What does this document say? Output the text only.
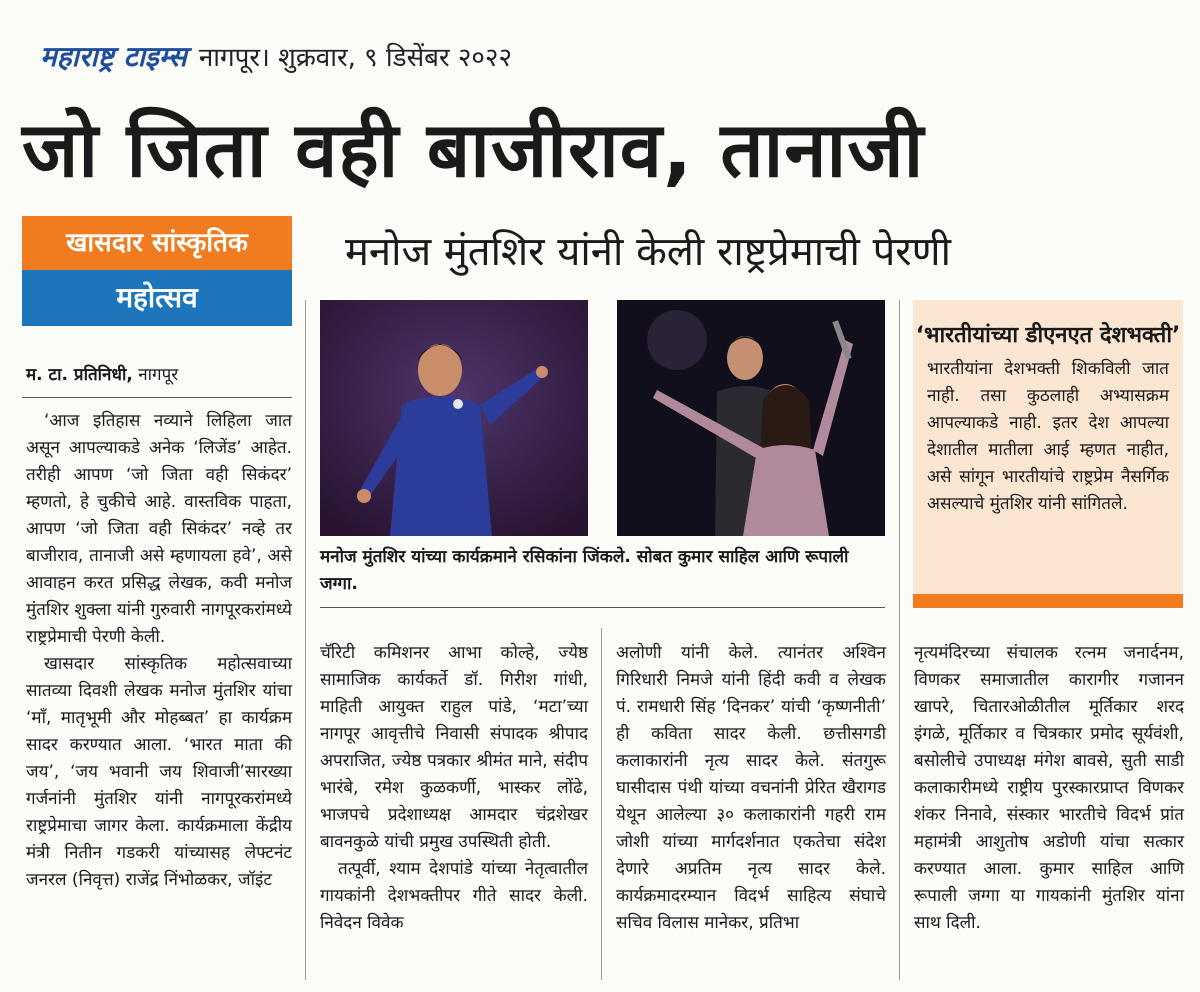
महाराष्ट्र टाइम्स नागपूर। शुक्रवार, ९ डिसेंबर २०२२
जो जिता वही बाजीराव, तानाजी
खासदार सांस्कृतिक
महोत्सव
मनोज मुंतशिर यांनी केली राष्ट्रप्रेमाची पेरणी
म. टा. प्रतिनिधी, नागपूर

‘आज इतिहास नव्याने लिहिला जात असून आपल्याकडे अनेक ‘लिजेंड’ आहेत. तरीही आपण ‘जो जिता वही सिकंदर’ म्हणतो, हे चुकीचे आहे. वास्तविक पाहता, आपण ‘जो जिता वही सिकंदर’ नव्हे तर बाजीराव, तानाजी असे म्हणायला हवे’, असे आवाहन करत प्रसिद्ध लेखक, कवी मनोज मुंतशिर शुक्ला यांनी गुरुवारी नागपूरकरांमध्ये राष्ट्रप्रेमाची पेरणी केली.

खासदार सांस्कृतिक महोत्सवाच्या सातव्या दिवशी लेखक मनोज मुंतशिर यांचा ‘माँ, मातृभूमी और मोहब्बत’ हा कार्यक्रम सादर करण्यात आला. ‘भारत माता की जय’, ‘जय भवानी जय शिवाजी’सारख्या गर्जनांनी मुंतशिर यांनी नागपूरकरांमध्ये राष्ट्रप्रेमाचा जागर केला. कार्यक्रमाला केंद्रीय मंत्री नितीन गडकरी यांच्यासह लेफ्टनंट जनरल (निवृत्त) राजेंद्र निंभोळकर, जॉइंट

मनोज मुंतशिर यांच्या कार्यक्रमाने रसिकांना जिंकले. सोबत कुमार साहिल आणि रूपाली जग्गा.
‘भारतीयांच्या डीएनएत देशभक्ती’
भारतीयांना देशभक्ती शिकविली जात नाही. तसा कुठलाही अभ्यासक्रम आपल्याकडे नाही. इतर देश आपल्या देशातील मातीला आई म्हणत नाहीत, असे सांगून भारतीयांचे राष्ट्रप्रेम नैसर्गिक असल्याचे मुंतशिर यांनी सांगितले.

चॅरिटी कमिशनर आभा कोल्हे, ज्येष्ठ सामाजिक कार्यकर्ते डॉ. गिरीश गांधी, माहिती आयुक्त राहुल पांडे, ‘मटा’च्या नागपूर आवृत्तीचे निवासी संपादक श्रीपाद अपराजित, ज्येष्ठ पत्रकार श्रीमंत माने, संदीप भारंबे, रमेश कुळकर्णी, भास्कर लोंढे, भाजपचे प्रदेशाध्यक्ष आमदार चंद्रशेखर बावनकुळे यांची प्रमुख उपस्थिती होती.

तत्पूर्वी, श्याम देशपांडे यांच्या नेतृत्वातील गायकांनी देशभक्तीपर गीते सादर केली. निवेदन विवेक

अलोणी यांनी केले. त्यानंतर अश्विन गिरिधारी निमजे यांनी हिंदी कवी व लेखक पं. रामधारी सिंह ‘दिनकर’ यांची ‘कृष्णनीती’ ही कविता सादर केली. छत्तीसगडी कलाकारांनी नृत्य सादर केले. संतगुरू घासीदास पंथी यांच्या वचनांनी प्रेरित खैरागड येथून आलेल्या ३० कलाकारांनी गहरी राम जोशी यांच्या मार्गदर्शनात एकतेचा संदेश देणारे अप्रतिम नृत्य सादर केले. कार्यक्रमादरम्यान विदर्भ साहित्य संघाचे सचिव विलास मानेकर, प्रतिभा

नृत्यमंदिरच्या संचालक रत्नम जनार्दनम, विणकर समाजातील कारागीर गजानन खापरे, चितारओळीतील मूर्तिकार शरद इंगळे, मूर्तिकार व चित्रकार प्रमोद सूर्यवंशी, बसोलीचे उपाध्यक्ष मंगेश बावसे, सुती साडी कलाकारीमध्ये राष्ट्रीय पुरस्कारप्राप्त विणकर शंकर निनावे, संस्कार भारतीचे विदर्भ प्रांत महामंत्री आशुतोष अडोणी यांचा सत्कार करण्यात आला. कुमार साहिल आणि रूपाली जग्गा या गायकांनी मुंतशिर यांना साथ दिली.
